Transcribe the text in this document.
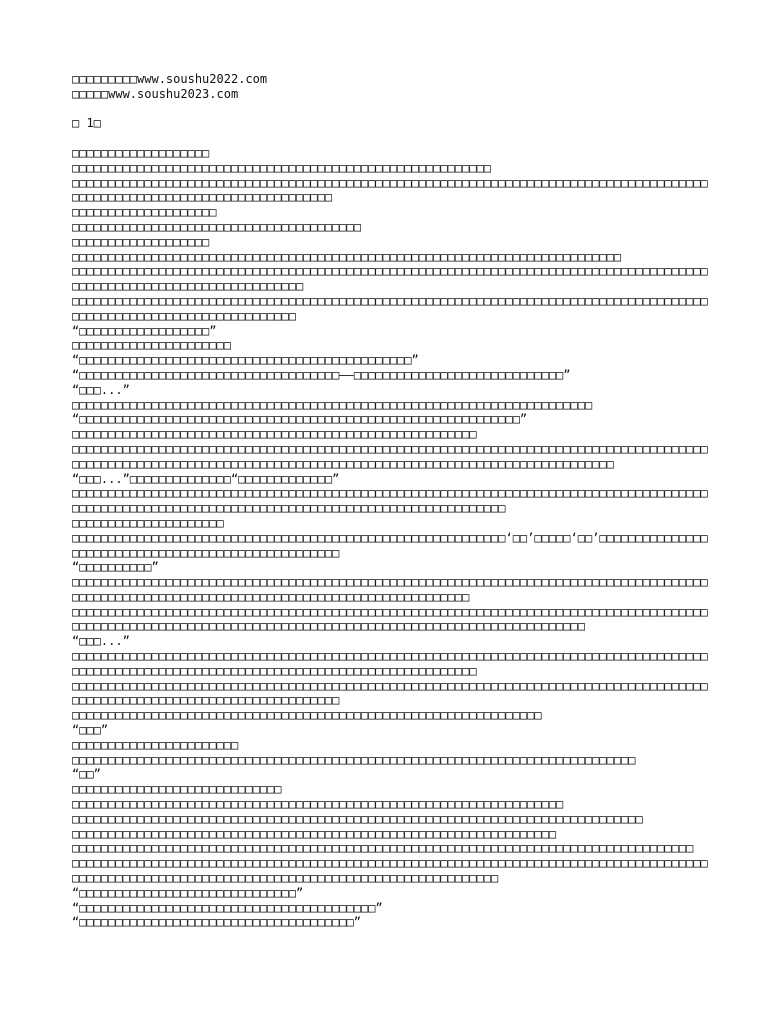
□□□□□□□□□www.soushu2022.com
□□□□□www.soushu2023.com
□ 1□
□□□□□□□□□□□□□□□□□□□
□□□□□□□□□□□□□□□□□□□□□□□□□□□□□□□□□□□□□□□□□□□□□□□□□□□□□□□□□□
□□□□□□□□□□□□□□□□□□□□□□□□□□□□□□□□□□□□□□□□□□□□□□□□□□□□□□□□□□□□□□□□□□□□□□□□□□□□□□□□□□□□□□□□□□□□□□□□□□□□□□□□□□□□□□□□□□□□□□□□□□□□
□□□□□□□□□□□□□□□□□□□□
□□□□□□□□□□□□□□□□□□□□□□□□□□□□□□□□□□□□□□□□
□□□□□□□□□□□□□□□□□□□
□□□□□□□□□□□□□□□□□□□□□□□□□□□□□□□□□□□□□□□□□□□□□□□□□□□□□□□□□□□□□□□□□□□□□□□□□□□□
□□□□□□□□□□□□□□□□□□□□□□□□□□□□□□□□□□□□□□□□□□□□□□□□□□□□□□□□□□□□□□□□□□□□□□□□□□□□□□□□□□□□□□□□□□□□□□□□□□□□□□□□□□□□□□□□□□□□□□□□
□□□□□□□□□□□□□□□□□□□□□□□□□□□□□□□□□□□□□□□□□□□□□□□□□□□□□□□□□□□□□□□□□□□□□□□□□□□□□□□□□□□□□□□□□□□□□□□□□□□□□□□□□□□□□□□□□□□□□□□
“□□□□□□□□□□□□□□□□□□”
□□□□□□□□□□□□□□□□□□□□□□
“□□□□□□□□□□□□□□□□□□□□□□□□□□□□□□□□□□□□□□□□□□□□□□”
“□□□□□□□□□□□□□□□□□□□□□□□□□□□□□□□□□□□□——□□□□□□□□□□□□□□□□□□□□□□□□□□□□□”
“□□□...”
□□□□□□□□□□□□□□□□□□□□□□□□□□□□□□□□□□□□□□□□□□□□□□□□□□□□□□□□□□□□□□□□□□□□□□□□
“□□□□□□□□□□□□□□□□□□□□□□□□□□□□□□□□□□□□□□□□□□□□□□□□□□□□□□□□□□□□□”
□□□□□□□□□□□□□□□□□□□□□□□□□□□□□□□□□□□□□□□□□□□□□□□□□□□□□□□□
□□□□□□□□□□□□□□□□□□□□□□□□□□□□□□□□□□□□□□□□□□□□□□□□□□□□□□□□□□□□□□□□□□□□□□□□□□□□□□□□□□□□□□□□□□□□□□□□□□□□□□□□□□□□□□□□□□□□□□□□□□□□□□□□□□□□□□□□□□□□□□□□□□□□□□□□□□□□□□□□□□□
“□□□...”□□□□□□□□□□□□□□“□□□□□□□□□□□□□”
□□□□□□□□□□□□□□□□□□□□□□□□□□□□□□□□□□□□□□□□□□□□□□□□□□□□□□□□□□□□□□□□□□□□□□□□□□□□□□□□□□□□□□□□□□□□□□□□□□□□□□□□□□□□□□□□□□□□□□□□□□□□□□□□□□□□□□□□□□□□□□□□□□□□
□□□□□□□□□□□□□□□□□□□□□
□□□□□□□□□□□□□□□□□□□□□□□□□□□□□□□□□□□□□□□□□□□□□□□□□□□□□□□□□□□□‘□□’□□□□□‘□□’□□□□□□□□□□□□□□□□□□□□□□□□□□□□□□□□□□□□□□□□□□□□□□□□□□□□
“□□□□□□□□□□”
□□□□□□□□□□□□□□□□□□□□□□□□□□□□□□□□□□□□□□□□□□□□□□□□□□□□□□□□□□□□□□□□□□□□□□□□□□□□□□□□□□□□□□□□□□□□□□□□□□□□□□□□□□□□□□□□□□□□□□□□□□□□□□□□□□□□□□□□□□□□□□□
□□□□□□□□□□□□□□□□□□□□□□□□□□□□□□□□□□□□□□□□□□□□□□□□□□□□□□□□□□□□□□□□□□□□□□□□□□□□□□□□□□□□□□□□□□□□□□□□□□□□□□□□□□□□□□□□□□□□□□□□□□□□□□□□□□□□□□□□□□□□□□□□□□□□□□□□□□□□□□□
“□□□...”
□□□□□□□□□□□□□□□□□□□□□□□□□□□□□□□□□□□□□□□□□□□□□□□□□□□□□□□□□□□□□□□□□□□□□□□□□□□□□□□□□□□□□□□□
□□□□□□□□□□□□□□□□□□□□□□□□□□□□□□□□□□□□□□□□□□□□□□□□□□□□□□□□
□□□□□□□□□□□□□□□□□□□□□□□□□□□□□□□□□□□□□□□□□□□□□□□□□□□□□□□□□□□□□□□□□□□□□□□□□□□□□□□□□□□□□□□□□□□□□□□□□□□□□□□□□□□□□□□□□□□□□□□□□□□□□
□□□□□□□□□□□□□□□□□□□□□□□□□□□□□□□□□□□□□□□□□□□□□□□□□□□□□□□□□□□□□□□□□
“□□□”
□□□□□□□□□□□□□□□□□□□□□□□
□□□□□□□□□□□□□□□□□□□□□□□□□□□□□□□□□□□□□□□□□□□□□□□□□□□□□□□□□□□□□□□□□□□□□□□□□□□□□□
“□□”
□□□□□□□□□□□□□□□□□□□□□□□□□□□□□
□□□□□□□□□□□□□□□□□□□□□□□□□□□□□□□□□□□□□□□□□□□□□□□□□□□□□□□□□□□□□□□□□□□□
□□□□□□□□□□□□□□□□□□□□□□□□□□□□□□□□□□□□□□□□□□□□□□□□□□□□□□□□□□□□□□□□□□□□□□□□□□□□□□□
□□□□□□□□□□□□□□□□□□□□□□□□□□□□□□□□□□□□□□□□□□□□□□□□□□□□□□□□□□□□□□□□□□□
□□□□□□□□□□□□□□□□□□□□□□□□□□□□□□□□□□□□□□□□□□□□□□□□□□□□□□□□□□□□□□□□□□□□□□□□□□□□□□□□□□□□□□
□□□□□□□□□□□□□□□□□□□□□□□□□□□□□□□□□□□□□□□□□□□□□□□□□□□□□□□□□□□□□□□□□□□□□□□□□□□□□□□□□□□□□□□□□□□□□□□□□□□□□□□□□□□□□□□□□□□□□□□□□□□□□□□□□□□□□□□□□□□□□□□□□□□
“□□□□□□□□□□□□□□□□□□□□□□□□□□□□□□”
“□□□□□□□□□□□□□□□□□□□□□□□□□□□□□□□□□□□□□□□□□”
“□□□□□□□□□□□□□□□□□□□□□□□□□□□□□□□□□□□□□□”
